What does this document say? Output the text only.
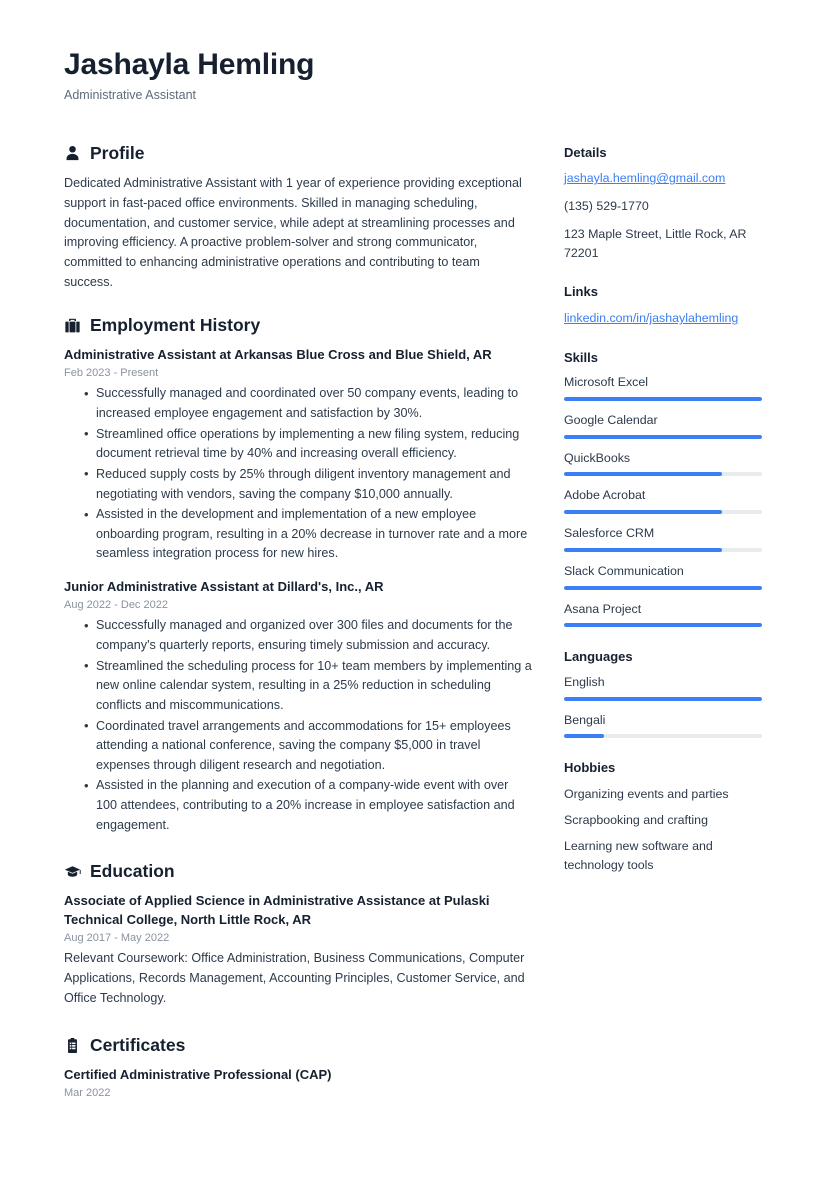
Jashayla Hemling

Administrative Assistant

Profile

Dedicated Administrative Assistant with 1 year of experience providing exceptional support in fast-paced office environments. Skilled in managing scheduling, documentation, and customer service, while adept at streamlining processes and improving efficiency. A proactive problem-solver and strong communicator, committed to enhancing administrative operations and contributing to team success.

Employment History

Administrative Assistant at Arkansas Blue Cross and Blue Shield, AR

Feb 2023 - Present

• Successfully managed and coordinated over 50 company events, leading to increased employee engagement and satisfaction by 30%.
• Streamlined office operations by implementing a new filing system, reducing document retrieval time by 40% and increasing overall efficiency.
• Reduced supply costs by 25% through diligent inventory management and negotiating with vendors, saving the company $10,000 annually.
• Assisted in the development and implementation of a new employee onboarding program, resulting in a 20% decrease in turnover rate and a more seamless integration process for new hires.

Junior Administrative Assistant at Dillard's, Inc., AR

Aug 2022 - Dec 2022

• Successfully managed and organized over 300 files and documents for the company's quarterly reports, ensuring timely submission and accuracy.
• Streamlined the scheduling process for 10+ team members by implementing a new online calendar system, resulting in a 25% reduction in scheduling conflicts and miscommunications.
• Coordinated travel arrangements and accommodations for 15+ employees attending a national conference, saving the company $5,000 in travel expenses through diligent research and negotiation.
• Assisted in the planning and execution of a company-wide event with over 100 attendees, contributing to a 20% increase in employee satisfaction and engagement.
Education

Associate of Applied Science in Administrative Assistance at Pulaski Technical College, North Little Rock, AR

Aug 2017 - May 2022

Relevant Coursework: Office Administration, Business Communications, Computer Applications, Records Management, Accounting Principles, Customer Service, and Office Technology.

Certificates

Certified Administrative Professional (CAP)

Mar 2022

Details

jashayla.hemling@gmail.com

(135) 529-1770

123 Maple Street, Little Rock, AR 72201

Links

linkedin.com/in/jashaylahemling

Skills

Microsoft Excel
Google Calendar
QuickBooks
Adobe Acrobat
Salesforce CRM
Slack Communication
Asana Project

Languages

English
Bengali

Hobbies

Organizing events and parties

Scrapbooking and crafting

Learning new software and technology tools
